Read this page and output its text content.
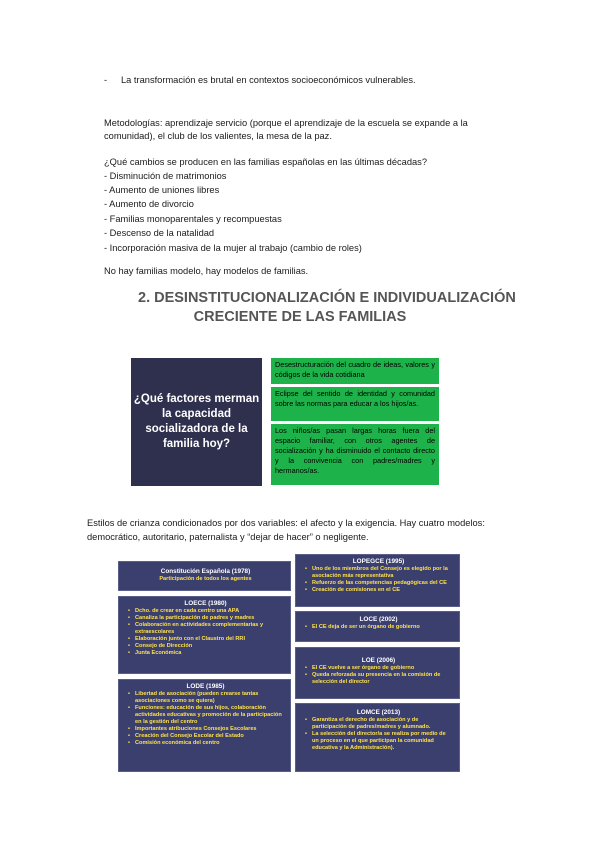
- La transformación es brutal en contextos socioeconómicos vulnerables.
Metodologías: aprendizaje servicio (porque el aprendizaje de la escuela se expande a la comunidad), el club de los valientes, la mesa de la paz.
¿Qué cambios se producen en las familias españolas en las últimas décadas?
- Disminución de matrimonios
- Aumento de uniones libres
- Aumento de divorcio
- Familias monoparentales y recompuestas
- Descenso de la natalidad
- Incorporación masiva de la mujer al trabajo (cambio de roles)
No hay familias modelo, hay modelos de familias.
2. DESINSTITUCIONALIZACIÓN E INDIVIDUALIZACIÓN
CRECIENTE DE LAS FAMILIAS
¿Qué factores merman la capacidad socializadora de la familia hoy?
Desestructuración del cuadro de ideas, valores y códigos de la vida cotidiana
Eclipse del sentido de identidad y comunidad sobre las normas para educar a los hijos/as.
Los niños/as pasan largas horas fuera del espacio familiar, con otros agentes de socialización y ha disminuido el contacto directo y la convivencia con padres/madres y hermanos/as.
Estilos de crianza condicionados por dos variables: el afecto y la exigencia. Hay cuatro modelos: democrático, autoritario, paternalista y “dejar de hacer” o negligente.
Constitución Española (1978)
Participación de todos los agentes
LOECE (1980)
• Dcho. de crear en cada centro una APA
• Canaliza la participación de padres y madres
• Colaboración en actividades complementarias y extraescolares
• Elaboración junto con el Claustro del RRI
• Consejo de Dirección
• Junta Económica
LODE (1985)
• Libertad de asociación (pueden crearse tantas asociaciones como se quiera)
• Funciones: educación de sus hijos, colaboración actividades educativas y promoción de la participación en la gestión del centro
• Importantes atribuciones Consejos Escolares
• Creación del Consejo Escolar del Estado
• Comisión económica del centro
LOPEGCE (1995)
• Uno de los miembros del Consejo es elegido por la asociación más representativa
• Refuerzo de las competencias pedagógicas del CE
• Creación de comisiones en el CE
LOCE (2002)
• El CE deja de ser un órgano de gobierno
LOE (2006)
• El CE vuelve a ser órgano de gobierno
• Queda reforzada su presencia en la comisión de selección del director
LOMCE (2013)
• Garantiza el derecho de asociación y de participación de padres/madres y alumnado.
• La selección del director/a se realiza por medio de un proceso en el que participan la comunidad educativa y la Administración).
